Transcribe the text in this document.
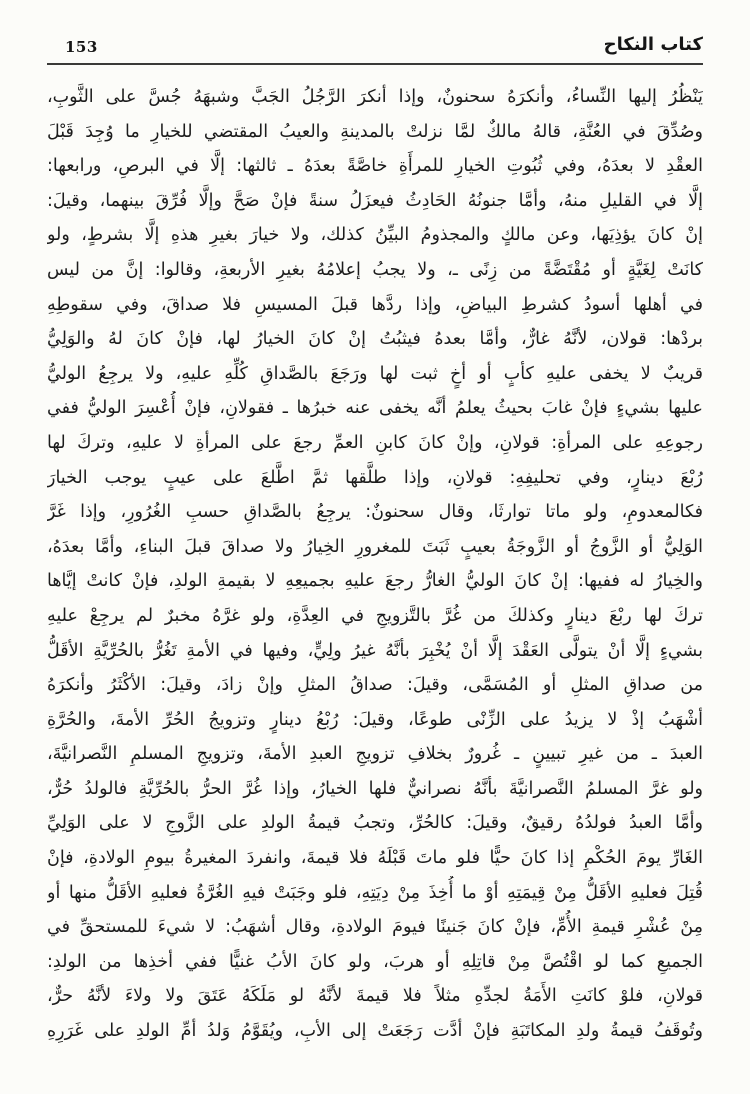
153	كتاب النكاح
يَنْظُرُ إليها النِّساءُ، وأنكرَهُ سحنونٌ، وإذا أنكرَ الرَّجُلُ الجَبَّ وشبهَهُ جُسَّ على الثَّوبِ،
وصُدِّقَ في العُنَّةِ، قالهُ مالكٌ لمَّا نزلتْ بالمدينةِ والعيبُ المقتضي للخيارِ ما وُجِدَ قَبْلَ
العقْدِ لا بعدَهُ، وفي ثُبُوتِ الخيارِ للمرأَةِ خاصَّةً بعدَهُ ـ ثالثها: إلَّا في البرصِ، ورابعها:
إلَّا في القليلِ منهُ، وأمَّا جنونُهُ الحَادِثُ فيعزَلُ سنةً فإنْ صَحَّ وإلَّا فُرِّقَ بينهما، وقيلَ:
إنْ كانَ يؤذِيَها، وعن مالكٍ والمجذومُ البيِّنُ كذلك، ولا خيارَ بغيرِ هذهِ إلَّا بشرطٍ، ولو
كانَتْ لِغَيَّةٍ أو مُقْتَضَّةً من زِنًى ـ، ولا يجبُ إعلامُهُ بغيرِ الأربعةِ، وقالوا: إنَّ من ليس
في أهلها أسودُ كشرطِ البياضِ، وإذا ردَّها قبلَ المسيسِ فلا صداقَ، وفي سقوطِهِ
بردْها: قولان، لأنَّهُ غارٌّ، وأمَّا بعدهُ فيثبُتُ إنْ كانَ الخيارُ لها، فإنْ كانَ لهُ والوَلِيُّ
قريبٌ لا يخفى عليهِ كأبٍ أو أخٍ ثبت لها ورَجَعَ بالصَّداقِ كُلِّهِ عليهِ، ولا يرجِعُ الوليُّ
عليها بشيءٍ فإنْ غابَ بحيثُ يعلمُ أنَّه يخفى عنه خبرُها ـ فقولانِ، فإنْ أُعْسِرَ الوليُّ ففي
رجوعِهِ على المرأةِ: قولانِ، وإنْ كانَ كابنِ العمِّ رجعَ على المرأةِ لا عليهِ، وتركَ لها
رُبْعَ دينارٍ، وفي تحليفِهِ: قولانِ، وإذا طلَّقها ثمَّ اطَّلعَ على عيبٍ يوجب الخيارَ
فكالمعدومِ، ولو ماتا توارثَا، وقال سحنونٌ: يرجِعُ بالصَّداقِ حسبِ الغُرُورِ، وإذا غَرَّ
الوَلِيُّ أو الزَّوجُ أو الزَّوجَةُ بعيبٍ ثَبَتَ للمغرورِ الخِيارُ ولا صداقَ قبلَ البناءِ، وأمَّا بعدَهُ،
والخِيارُ له ففيها: إنْ كانَ الوليُّ الغارُّ رجعَ عليهِ بجميعِهِ لا بقيمةِ الولدِ، فإنْ كانتْ إيَّاها
تركَ لها ربْعَ دينارٍ وكذلكَ من غُرَّ بالتَّزويجِ في العِدَّةِ، ولو غرَّهُ مخبرٌ لم يرجِعْ عليهِ
بشيءٍ إلَّا أنْ يتولَّى العَقْدَ إلَّا أنْ يُخْبِرَ بأنَّهُ غيرُ ولِيٍّ، وفيها في الأمةِ تَغُرُّ بالحُرِّيَّةِ الأقَلُّ
من صداقِ المثلِ أو المُسَمَّى، وقيلَ: صداقُ المثلِ وإنْ زادَ، وقيلَ: الأكْثَرُ وأنكرَهُ
أشْهَبُ إذْ لا يزيدُ على الزِّنْى طوعًا، وقيلَ: رُبْعُ دينارٍ وتزويجُ الحُرِّ الأمةَ، والحُرَّةِ
العبدَ ـ من غيرِ تبيينٍ ـ غُرورٌ بخلافِ تزويجِ العبدِ الأمةَ، وتزويجِ المسلمِ النَّصرانيَّةَ،
ولو غرَّ المسلمُ النَّصرانيَّةَ بأنَّهُ نصرانيٌّ فلها الخيارُ، وإذا غُرَّ الحرُّ بالحُرِّيَّةِ فالولدُ حُرٌّ،
وأمَّا العبدُ فولدُهُ رقيقٌ، وقيلَ: كالحُرِّ، وتجبُ قيمةُ الولدِ على الزَّوجِ لا على الوَلِيِّ
الغَارِّ يومَ الحُكْمِ إذا كانَ حيًّا فلو ماتَ قَبْلَهُ فلا قيمةَ، وانفردَ المغيرةُ بيومِ الولادةِ، فإنْ
قُتِلَ فعليهِ الأقَلُّ مِنْ قِيمَتِهِ أوْ ما أُخِذَ مِنْ دِيَتِهِ، فلو وجَبَتْ فيهِ الغُرَّةُ فعليهِ الأقَلُّ منها أو
مِنْ عُشْرِ قيمةِ الأُمِّ، فإنْ كانَ جَنينًا فيومَ الولادةِ، وقال أشهَبُ: لا شيءَ للمستحقِّ في
الجميعِ كما لو اقْتُصَّ مِنْ قاتِلِهِ أو هربَ، ولو كانَ الأبُ غنيًّا ففي أخذِها من الولدِ:
قولانِ، فلوْ كانَتِ الأَمَةُ لجدِّهِ مثلاً فلا قيمةَ لأنَّهُ لو مَلَكَهُ عَتَقَ ولا ولاءَ لأنَّهُ حرٌّ،
وتُوقَفُ قيمةُ ولدِ المكاتَبَةِ فإنْ أدَّت رَجَعَتْ إلى الأبِ، ويُقَوَّمُ وَلدُ أمِّ الولدِ على غَرَرِهِ
